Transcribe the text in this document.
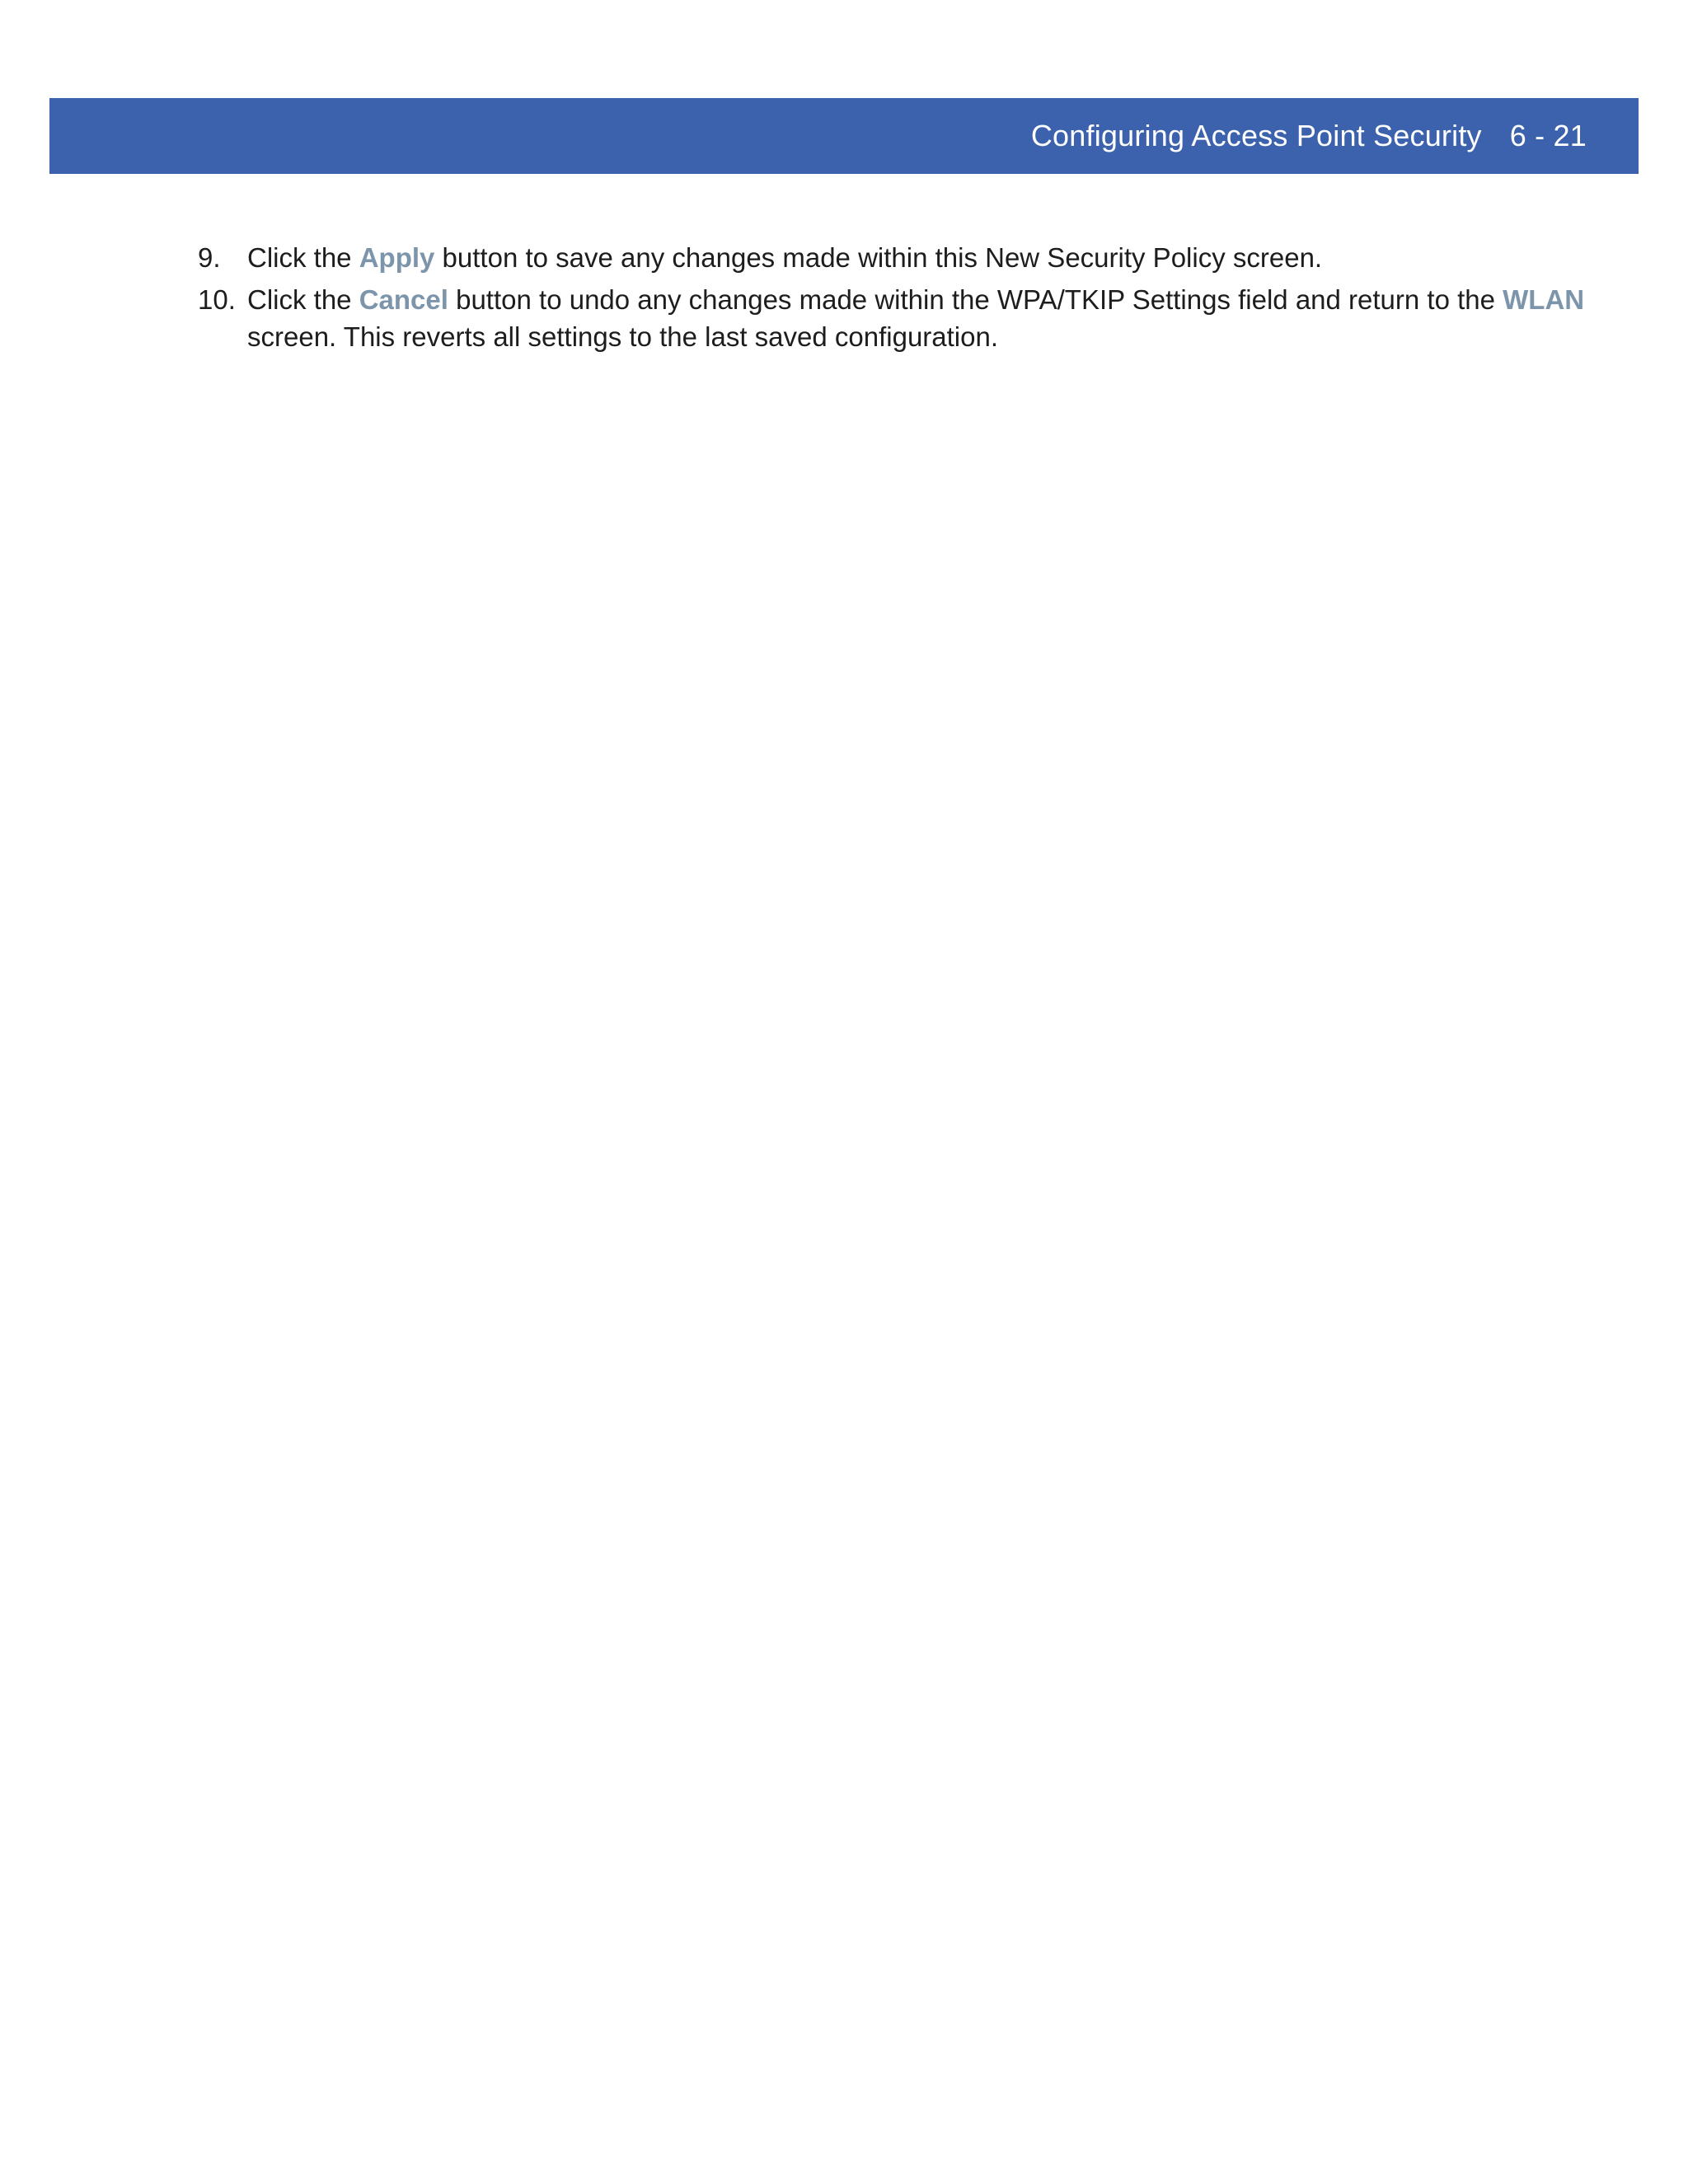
Configuring Access Point Security 6 - 21
9. Click the Apply button to save any changes made within this New Security Policy screen.
10. Click the Cancel button to undo any changes made within the WPA/TKIP Settings field and return to the WLAN screen. This reverts all settings to the last saved configuration.
